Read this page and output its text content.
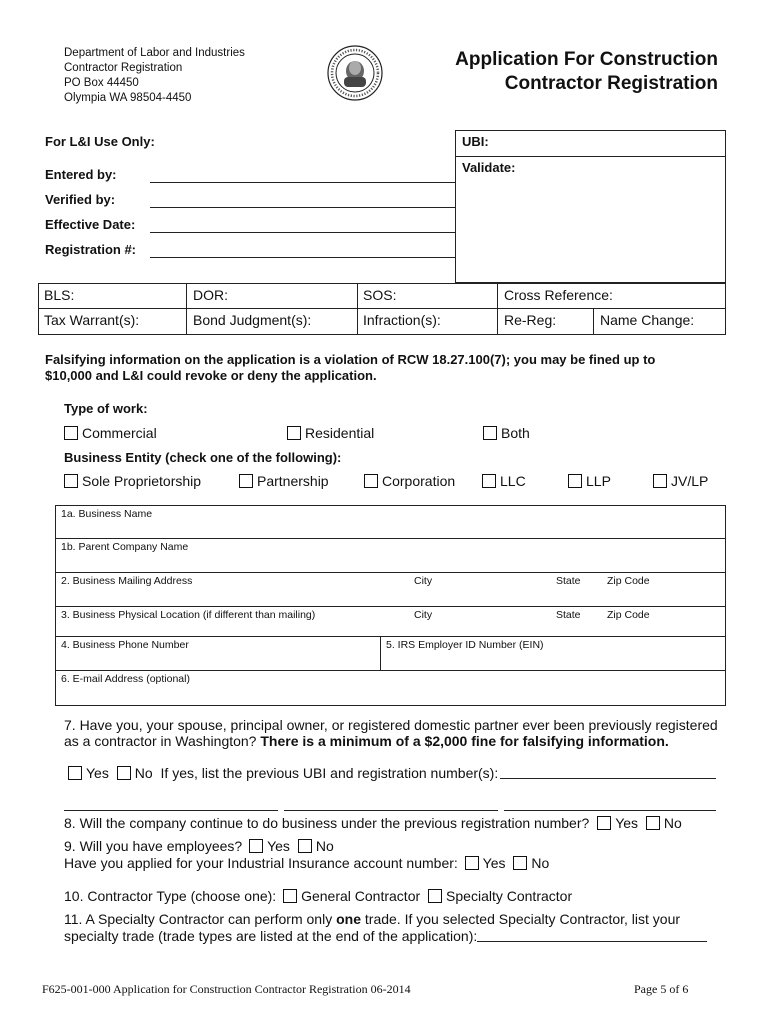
Department of Labor and Industries
Contractor Registration
PO Box 44450
Olympia WA 98504-4450
Application For Construction
Contractor Registration
For L&I Use Only:
Entered by:
Verified by:
Effective Date:
Registration #:
UBI:
Validate:
BLS:	DOR:	SOS:	Cross Reference:
Tax Warrant(s):	Bond Judgment(s):	Infraction(s):	Re-Reg:	Name Change:
Falsifying information on the application is a violation of RCW 18.27.100(7); you may be fined up to
$10,000 and L&I could revoke or deny the application.
Type of work:
Commercial	Residential	Both
Business Entity (check one of the following):
Sole Proprietorship	Partnership	Corporation	LLC	LLP	JV/LP
1a. Business Name
1b. Parent Company Name
2. Business Mailing Address	City	State	Zip Code
3. Business Physical Location (if different than mailing)	City	State	Zip Code
4. Business Phone Number	5. IRS Employer ID Number (EIN)
6. E-mail Address (optional)
7. Have you, your spouse, principal owner, or registered domestic partner ever been previously registered
as a contractor in Washington? There is a minimum of a $2,000 fine for falsifying information.
Yes No If yes, list the previous UBI and registration number(s):
8. Will the company continue to do business under the previous registration number? Yes No
9. Will you have employees? Yes No
Have you applied for your Industrial Insurance account number: Yes No
10. Contractor Type (choose one): General Contractor Specialty Contractor
11. A Specialty Contractor can perform only one trade. If you selected Specialty Contractor, list your
specialty trade (trade types are listed at the end of the application):
F625-001-000 Application for Construction Contractor Registration 06-2014	Page 5 of 6
